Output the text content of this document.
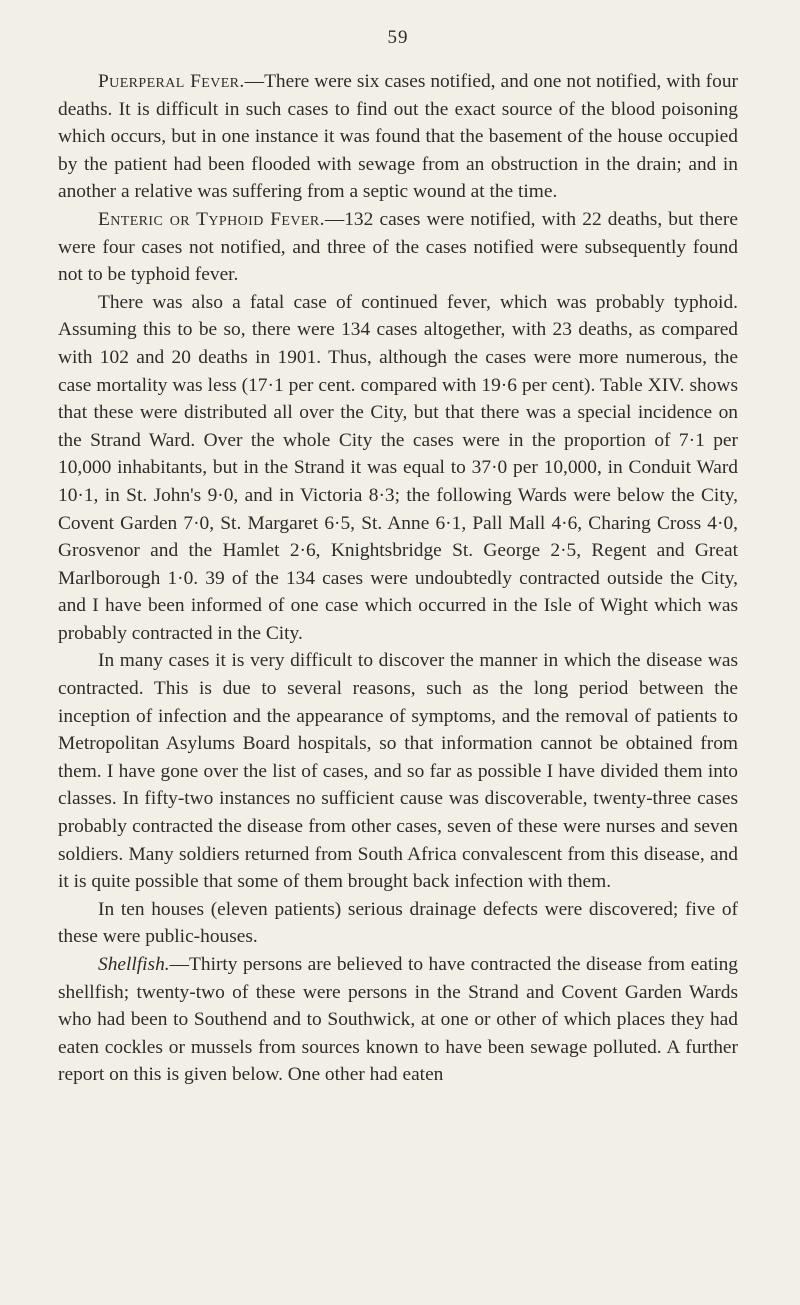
59

Puerperal Fever.—There were six cases notified, and one not notified, with four deaths. It is difficult in such cases to find out the exact source of the blood poisoning which occurs, but in one instance it was found that the basement of the house occupied by the patient had been flooded with sewage from an obstruction in the drain; and in another a relative was suffering from a septic wound at the time.

Enteric or Typhoid Fever.—132 cases were notified, with 22 deaths, but there were four cases not notified, and three of the cases notified were subsequently found not to be typhoid fever.

There was also a fatal case of continued fever, which was probably typhoid. Assuming this to be so, there were 134 cases altogether, with 23 deaths, as compared with 102 and 20 deaths in 1901. Thus, although the cases were more numerous, the case mortality was less (17·1 per cent. compared with 19·6 per cent). Table XIV. shows that these were distributed all over the City, but that there was a special incidence on the Strand Ward. Over the whole City the cases were in the proportion of 7·1 per 10,000 inhabitants, but in the Strand it was equal to 37·0 per 10,000, in Conduit Ward 10·1, in St. John's 9·0, and in Victoria 8·3; the following Wards were below the City, Covent Garden 7·0, St. Margaret 6·5, St. Anne 6·1, Pall Mall 4·6, Charing Cross 4·0, Grosvenor and the Hamlet 2·6, Knightsbridge St. George 2·5, Regent and Great Marlborough 1·0. 39 of the 134 cases were undoubtedly contracted outside the City, and I have been informed of one case which occurred in the Isle of Wight which was probably contracted in the City.

In many cases it is very difficult to discover the manner in which the disease was contracted. This is due to several reasons, such as the long period between the inception of infection and the appearance of symptoms, and the removal of patients to Metropolitan Asylums Board hospitals, so that information cannot be obtained from them. I have gone over the list of cases, and so far as possible I have divided them into classes. In fifty-two instances no sufficient cause was discoverable, twenty-three cases probably contracted the disease from other cases, seven of these were nurses and seven soldiers. Many soldiers returned from South Africa convalescent from this disease, and it is quite possible that some of them brought back infection with them.

In ten houses (eleven patients) serious drainage defects were discovered; five of these were public-houses.

Shellfish.—Thirty persons are believed to have contracted the disease from eating shellfish; twenty-two of these were persons in the Strand and Covent Garden Wards who had been to Southend and to Southwick, at one or other of which places they had eaten cockles or mussels from sources known to have been sewage polluted. A further report on this is given below. One other had eaten
